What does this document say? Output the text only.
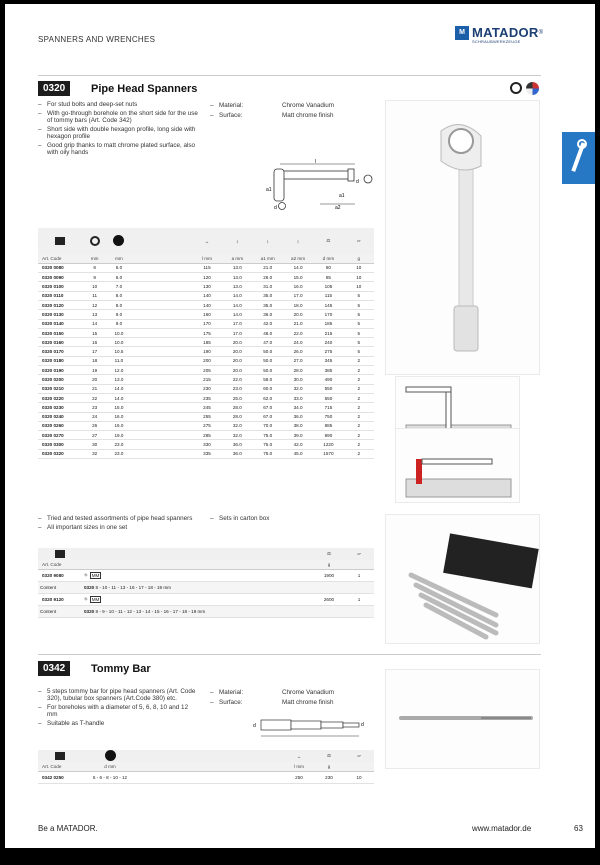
SPANNERS AND WRENCHES
M MATADOR ®
SCHRAUBWERKZEUGE
0320	Pipe Head Spanners
– For stud bolts and deep-set nuts
– With go-through borehole on the short side for the use of tommy bars (Art. Code 342)
– Short side with double hexagon profile, long side with hexagon profile
– Good grip thanks to matt chrome plated surface, also with oily hands
– Material:	Chrome Vanadium
– Surface:	Matt chrome finish
l
a1
d
d
a1
a2
				↔	↕	↕	↕	⚖	▱
Art. Code	mm	mm		l mm	a mm	a1 mm	a2 mm	d mm	g
0320 0080	8	6.0		115	13.0	21.0	14.0	80	10
0320 0090	9	6.0		120	13.0	26.0	15.0	85	10
0320 0100	10	7.0		130	13.0	31.0	16.0	105	10
0320 0110	11	8.0		140	14.0	35.0	17.0	115	5
0320 0120	12	8.0		140	14.0	35.0	18.0	145	5
0320 0130	13	9.0		160	14.0	36.0	20.0	170	5
0320 0140	14	9.0		170	17.0	42.0	21.0	185	5
0320 0150	15	10.0		175	17.0	48.0	22.0	215	5
0320 0160	16	10.0		185	20.0	47.0	24.0	240	5
0320 0170	17	10.5		190	20.0	50.0	26.0	275	5
0320 0180	18	11.0		200	20.0	50.0	27.0	345	2
0320 0190	19	12.0		205	20.0	50.0	28.0	385	2
0320 0200	20	13.0		215	22.0	58.0	30.0	490	2
0320 0210	21	14.0		230	23.0	60.0	32.0	550	2
0320 0220	22	14.0		235	25.0	62.0	33.0	550	2
0320 0230	23	15.0		245	28.0	67.0	34.0	715	2
0320 0240	24	16.0		255	28.0	67.0	36.0	750	2
0320 0260	26	16.0		275	32.0	70.0	38.0	885	2
0320 0270	27	19.0		285	32.0	75.0	39.0	890	2
0320 0300	30	23.0		330	36.0	75.0	42.0	1220	2
0320 0320	32	23.0		335	36.0	75.0	45.0	1570	2
– Tried and tested assortments of pipe head spanners
– All important sizes in one set
– Sets in carton box
		⚖	▱
Art. Code		g	
0320 9080	⛗ MM	1900	1
Content	0320 8 - 10 - 11 - 13 - 16 - 17 - 18 - 19 mm		
0320 9120	⛗ MM	2600	1
Content	0320 8 - 9 - 10 - 11 - 12 - 13 - 14 - 15 - 16 - 17 - 18 - 19 mm		
0342	Tommy Bar
– 5 steps tommy bar for pipe head spanners (Art. Code 320), tubular box spanners (Art.Code 380) etc.
– For boreholes with a diameter of 5, 6, 8, 10 and 12 mm
– Suitable as T-handle
– Material:	Chrome Vanadium
– Surface:	Matt chrome finish
d	d
			↔	⚖	▱
Art. Code	d mm		l mm	g	
0342 0250	5 - 6 - 8 - 10 - 12		250	230	10
Be a MATADOR.	www.matador.de	63
